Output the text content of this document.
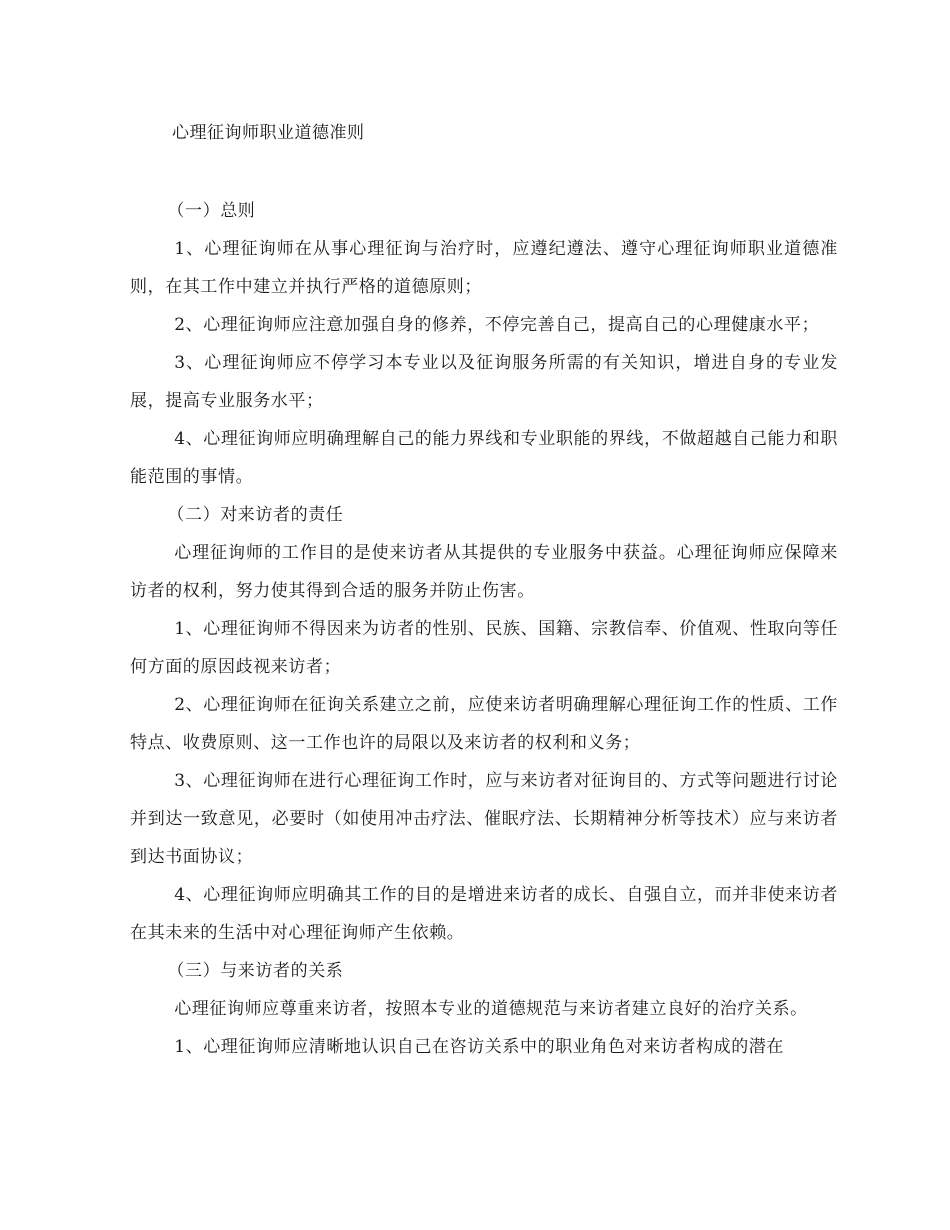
心理征询师职业道德准则

（一）总则

1、心理征询师在从事心理征询与治疗时，应遵纪遵法、遵守心理征询师职业道德准则，在其工作中建立并执行严格的道德原则；

2、心理征询师应注意加强自身的修养，不停完善自己，提高自己的心理健康水平；

3、心理征询师应不停学习本专业以及征询服务所需的有关知识，增进自身的专业发展，提高专业服务水平；

4、心理征询师应明确理解自己的能力界线和专业职能的界线，不做超越自己能力和职能范围的事情。

（二）对来访者的责任

心理征询师的工作目的是使来访者从其提供的专业服务中获益。心理征询师应保障来访者的权利，努力使其得到合适的服务并防止伤害。

1、心理征询师不得因来为访者的性别、民族、国籍、宗教信奉、价值观、性取向等任何方面的原因歧视来访者；

2、心理征询师在征询关系建立之前，应使来访者明确理解心理征询工作的性质、工作特点、收费原则、这一工作也许的局限以及来访者的权利和义务；

3、心理征询师在进行心理征询工作时，应与来访者对征询目的、方式等问题进行讨论并到达一致意见，必要时（如使用冲击疗法、催眠疗法、长期精神分析等技术）应与来访者到达书面协议；

4、心理征询师应明确其工作的目的是增进来访者的成长、自强自立，而并非使来访者在其未来的生活中对心理征询师产生依赖。

（三）与来访者的关系

心理征询师应尊重来访者，按照本专业的道德规范与来访者建立良好的治疗关系。

1、心理征询师应清晰地认识自己在咨访关系中的职业角色对来访者构成的潜在
